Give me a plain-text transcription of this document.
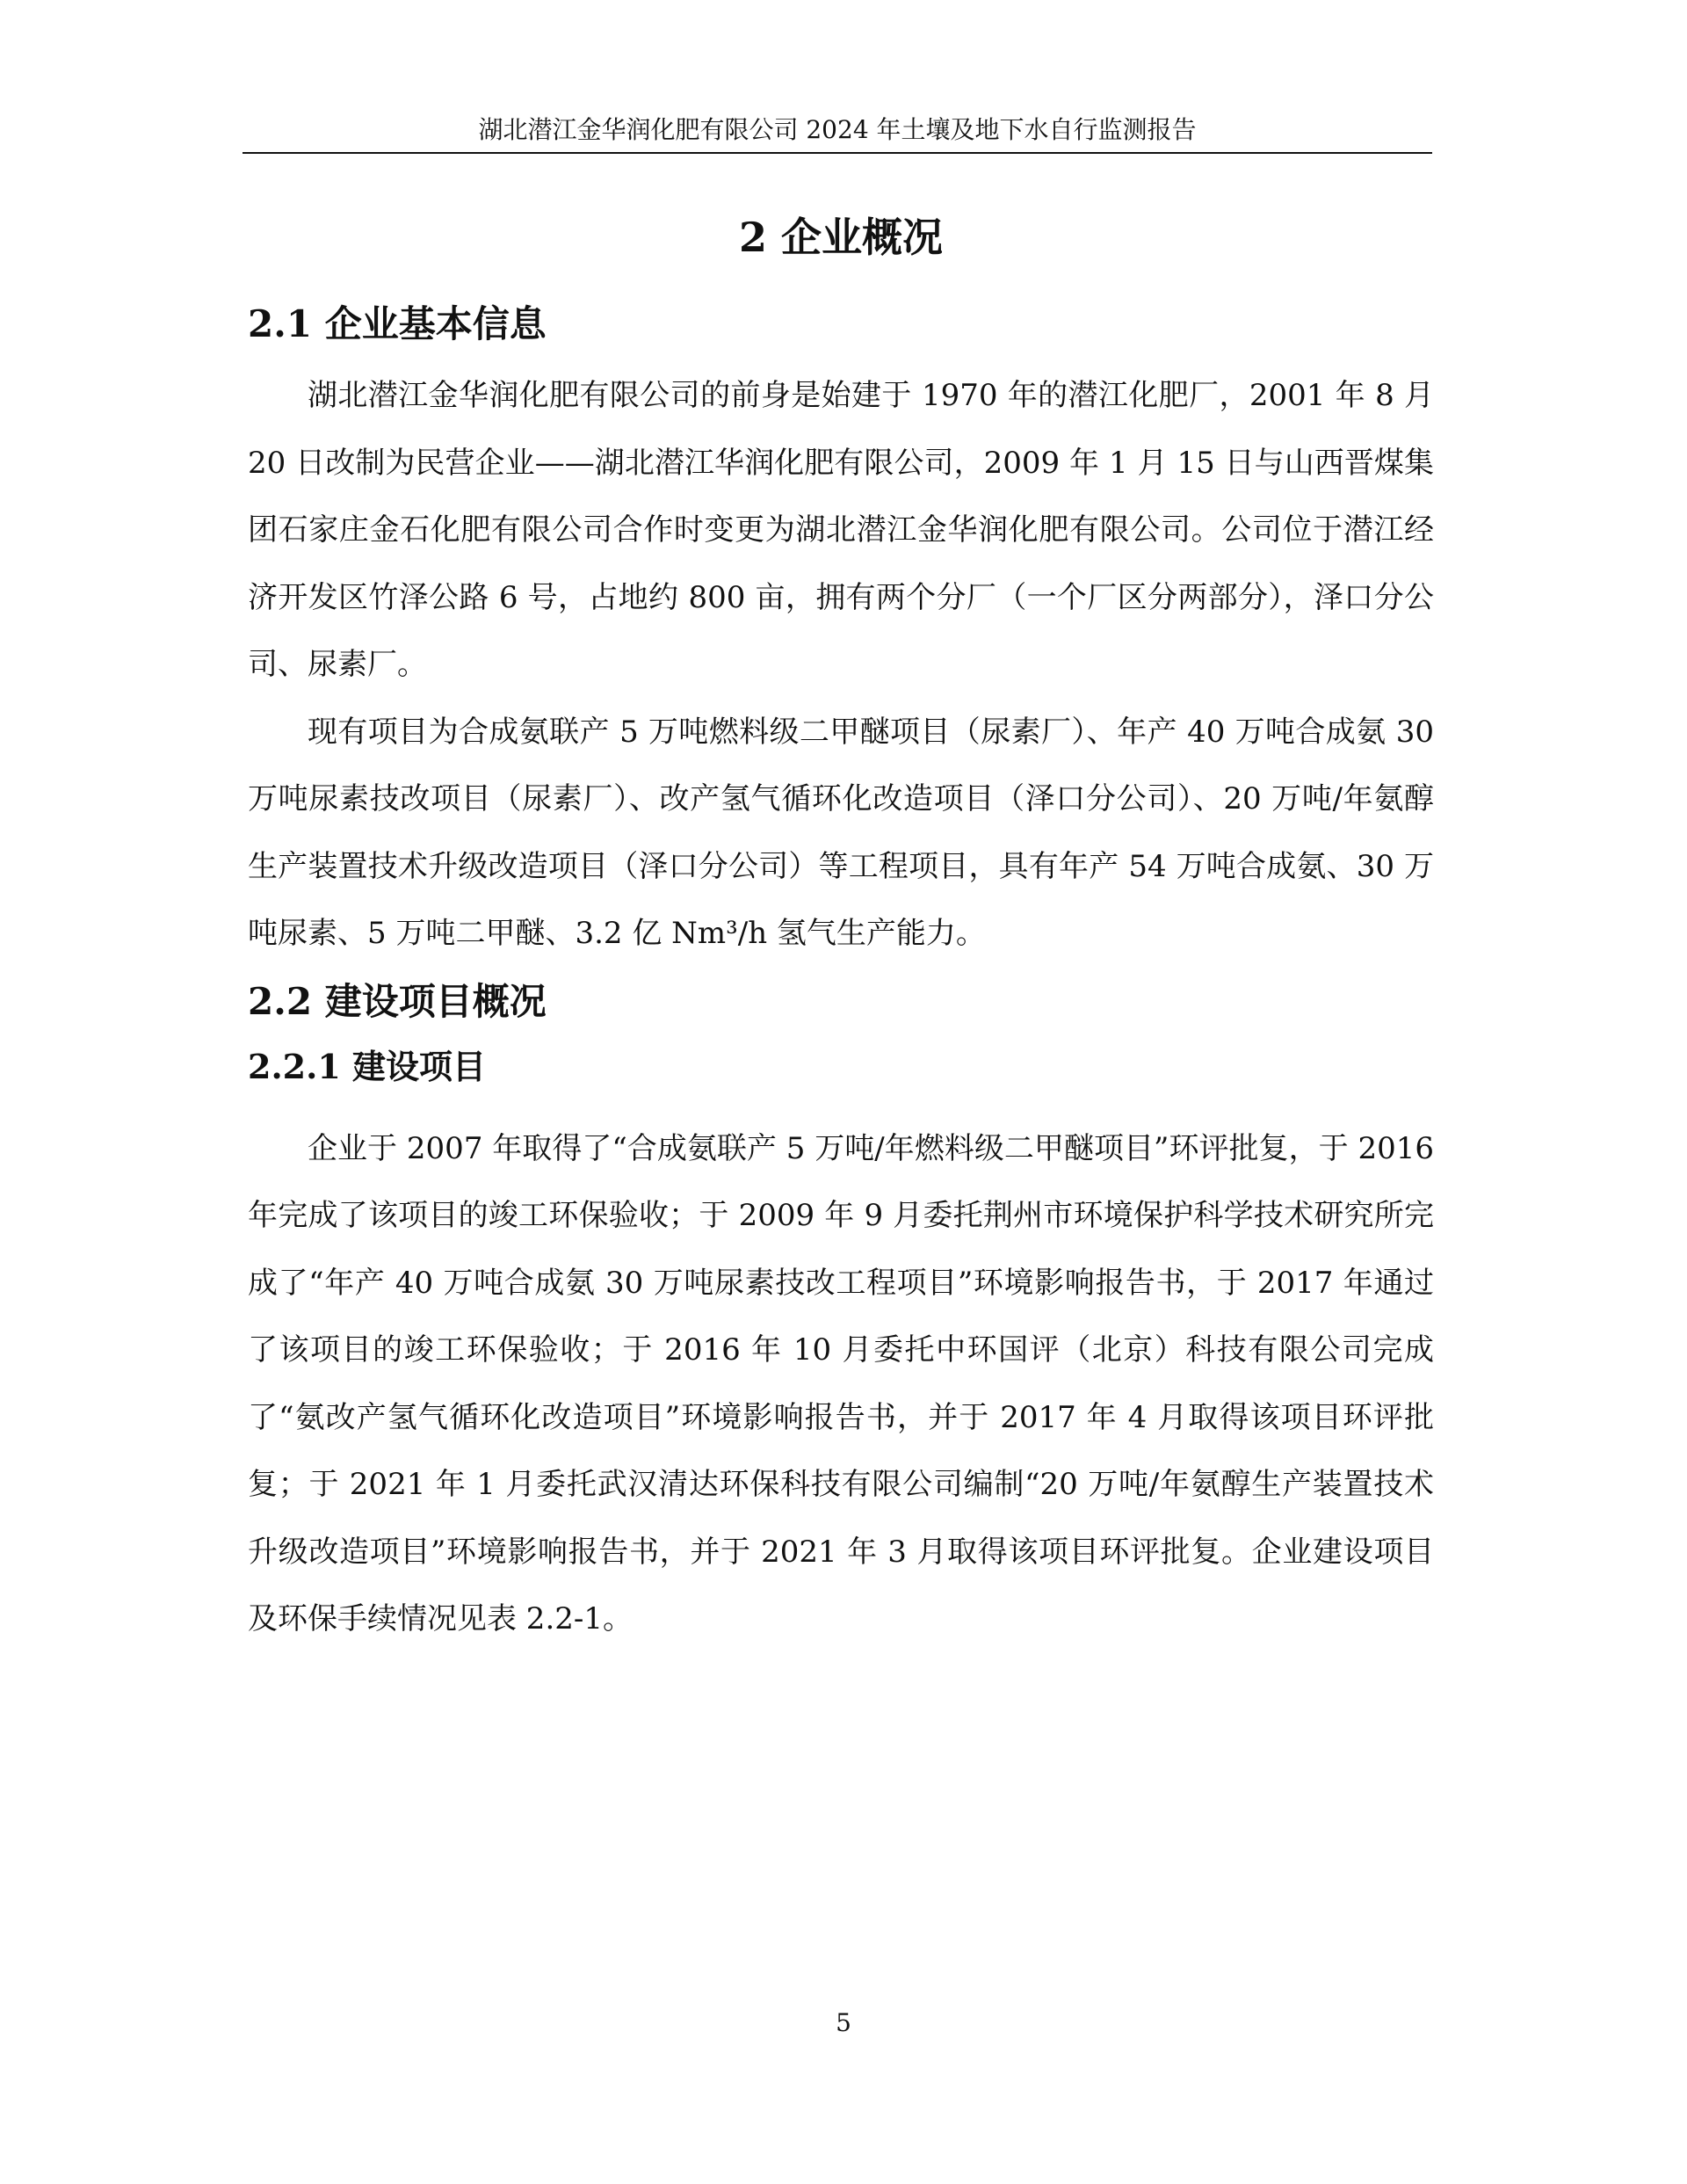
湖北潜江金华润化肥有限公司 2024 年土壤及地下水自行监测报告
2 企业概况
2.1 企业基本信息

湖北潜江金华润化肥有限公司的前身是始建于 1970 年的潜江化肥厂，2001 年 8 月 20 日改制为民营企业——湖北潜江华润化肥有限公司，2009 年 1 月 15 日与山西晋煤集团石家庄金石化肥有限公司合作时变更为湖北潜江金华润化肥有限公司。公司位于潜江经济开发区竹泽公路 6 号，占地约 800 亩，拥有两个分厂（一个厂区分两部分），泽口分公司、尿素厂。

现有项目为合成氨联产 5 万吨燃料级二甲醚项目（尿素厂）、年产 40 万吨合成氨 30 万吨尿素技改项目（尿素厂）、改产氢气循环化改造项目（泽口分公司）、20 万吨/年氨醇生产装置技术升级改造项目（泽口分公司）等工程项目，具有年产 54 万吨合成氨、30 万吨尿素、5 万吨二甲醚、3.2 亿 Nm³/h 氢气生产能力。

2.2 建设项目概况
2.2.1 建设项目

企业于 2007 年取得了“合成氨联产 5 万吨/年燃料级二甲醚项目”环评批复，于 2016 年完成了该项目的竣工环保验收；于 2009 年 9 月委托荆州市环境保护科学技术研究所完成了“年产 40 万吨合成氨 30 万吨尿素技改工程项目”环境影响报告书，于 2017 年通过了该项目的竣工环保验收；于 2016 年 10 月委托中环国评（北京）科技有限公司完成了“氨改产氢气循环化改造项目”环境影响报告书，并于 2017 年 4 月取得该项目环评批复；于 2021 年 1 月委托武汉清达环保科技有限公司编制“20 万吨/年氨醇生产装置技术升级改造项目”环境影响报告书，并于 2021 年 3 月取得该项目环评批复。企业建设项目及环保手续情况见表 2.2-1。

5
